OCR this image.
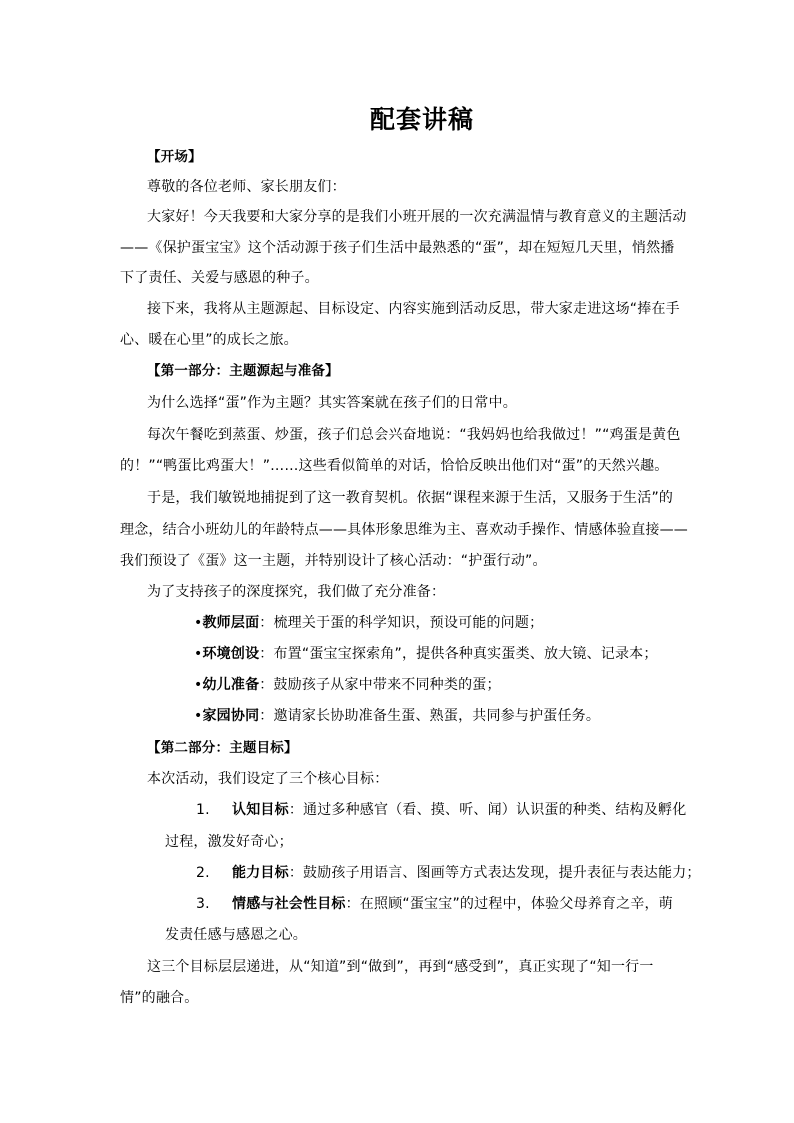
配套讲稿
【开场】
尊敬的各位老师、家长朋友们：
大家好！今天我要和大家分享的是我们小班开展的一次充满温情与教育意义的主题活动
——《保护蛋宝宝》这个活动源于孩子们生活中最熟悉的“蛋”，却在短短几天里，悄然播
下了责任、关爱与感恩的种子。
接下来，我将从主题源起、目标设定、内容实施到活动反思，带大家走进这场“捧在手
心、暖在心里”的成长之旅。
【第一部分：主题源起与准备】
为什么选择“蛋”作为主题？其实答案就在孩子们的日常中。
每次午餐吃到蒸蛋、炒蛋，孩子们总会兴奋地说：“我妈妈也给我做过！”“鸡蛋是黄色
的！”“鸭蛋比鸡蛋大！”……这些看似简单的对话，恰恰反映出他们对“蛋”的天然兴趣。
于是，我们敏锐地捕捉到了这一教育契机。依据“课程来源于生活，又服务于生活”的
理念，结合小班幼儿的年龄特点——具体形象思维为主、喜欢动手操作、情感体验直接——
我们预设了《蛋》这一主题，并特别设计了核心活动：“护蛋行动”。
为了支持孩子的深度探究，我们做了充分准备：
•教师层面：梳理关于蛋的科学知识，预设可能的问题；
•环境创设：布置“蛋宝宝探索角”，提供各种真实蛋类、放大镜、记录本；
•幼儿准备：鼓励孩子从家中带来不同种类的蛋；
•家园协同：邀请家长协助准备生蛋、熟蛋，共同参与护蛋任务。
【第二部分：主题目标】
本次活动，我们设定了三个核心目标：
1. 认知目标：通过多种感官（看、摸、听、闻）认识蛋的种类、结构及孵化
过程，激发好奇心；
2. 能力目标：鼓励孩子用语言、图画等方式表达发现，提升表征与表达能力；
3. 情感与社会性目标：在照顾“蛋宝宝”的过程中，体验父母养育之辛，萌
发责任感与感恩之心。
这三个目标层层递进，从“知道”到“做到”，再到“感受到”，真正实现了“知一行一
情”的融合。
